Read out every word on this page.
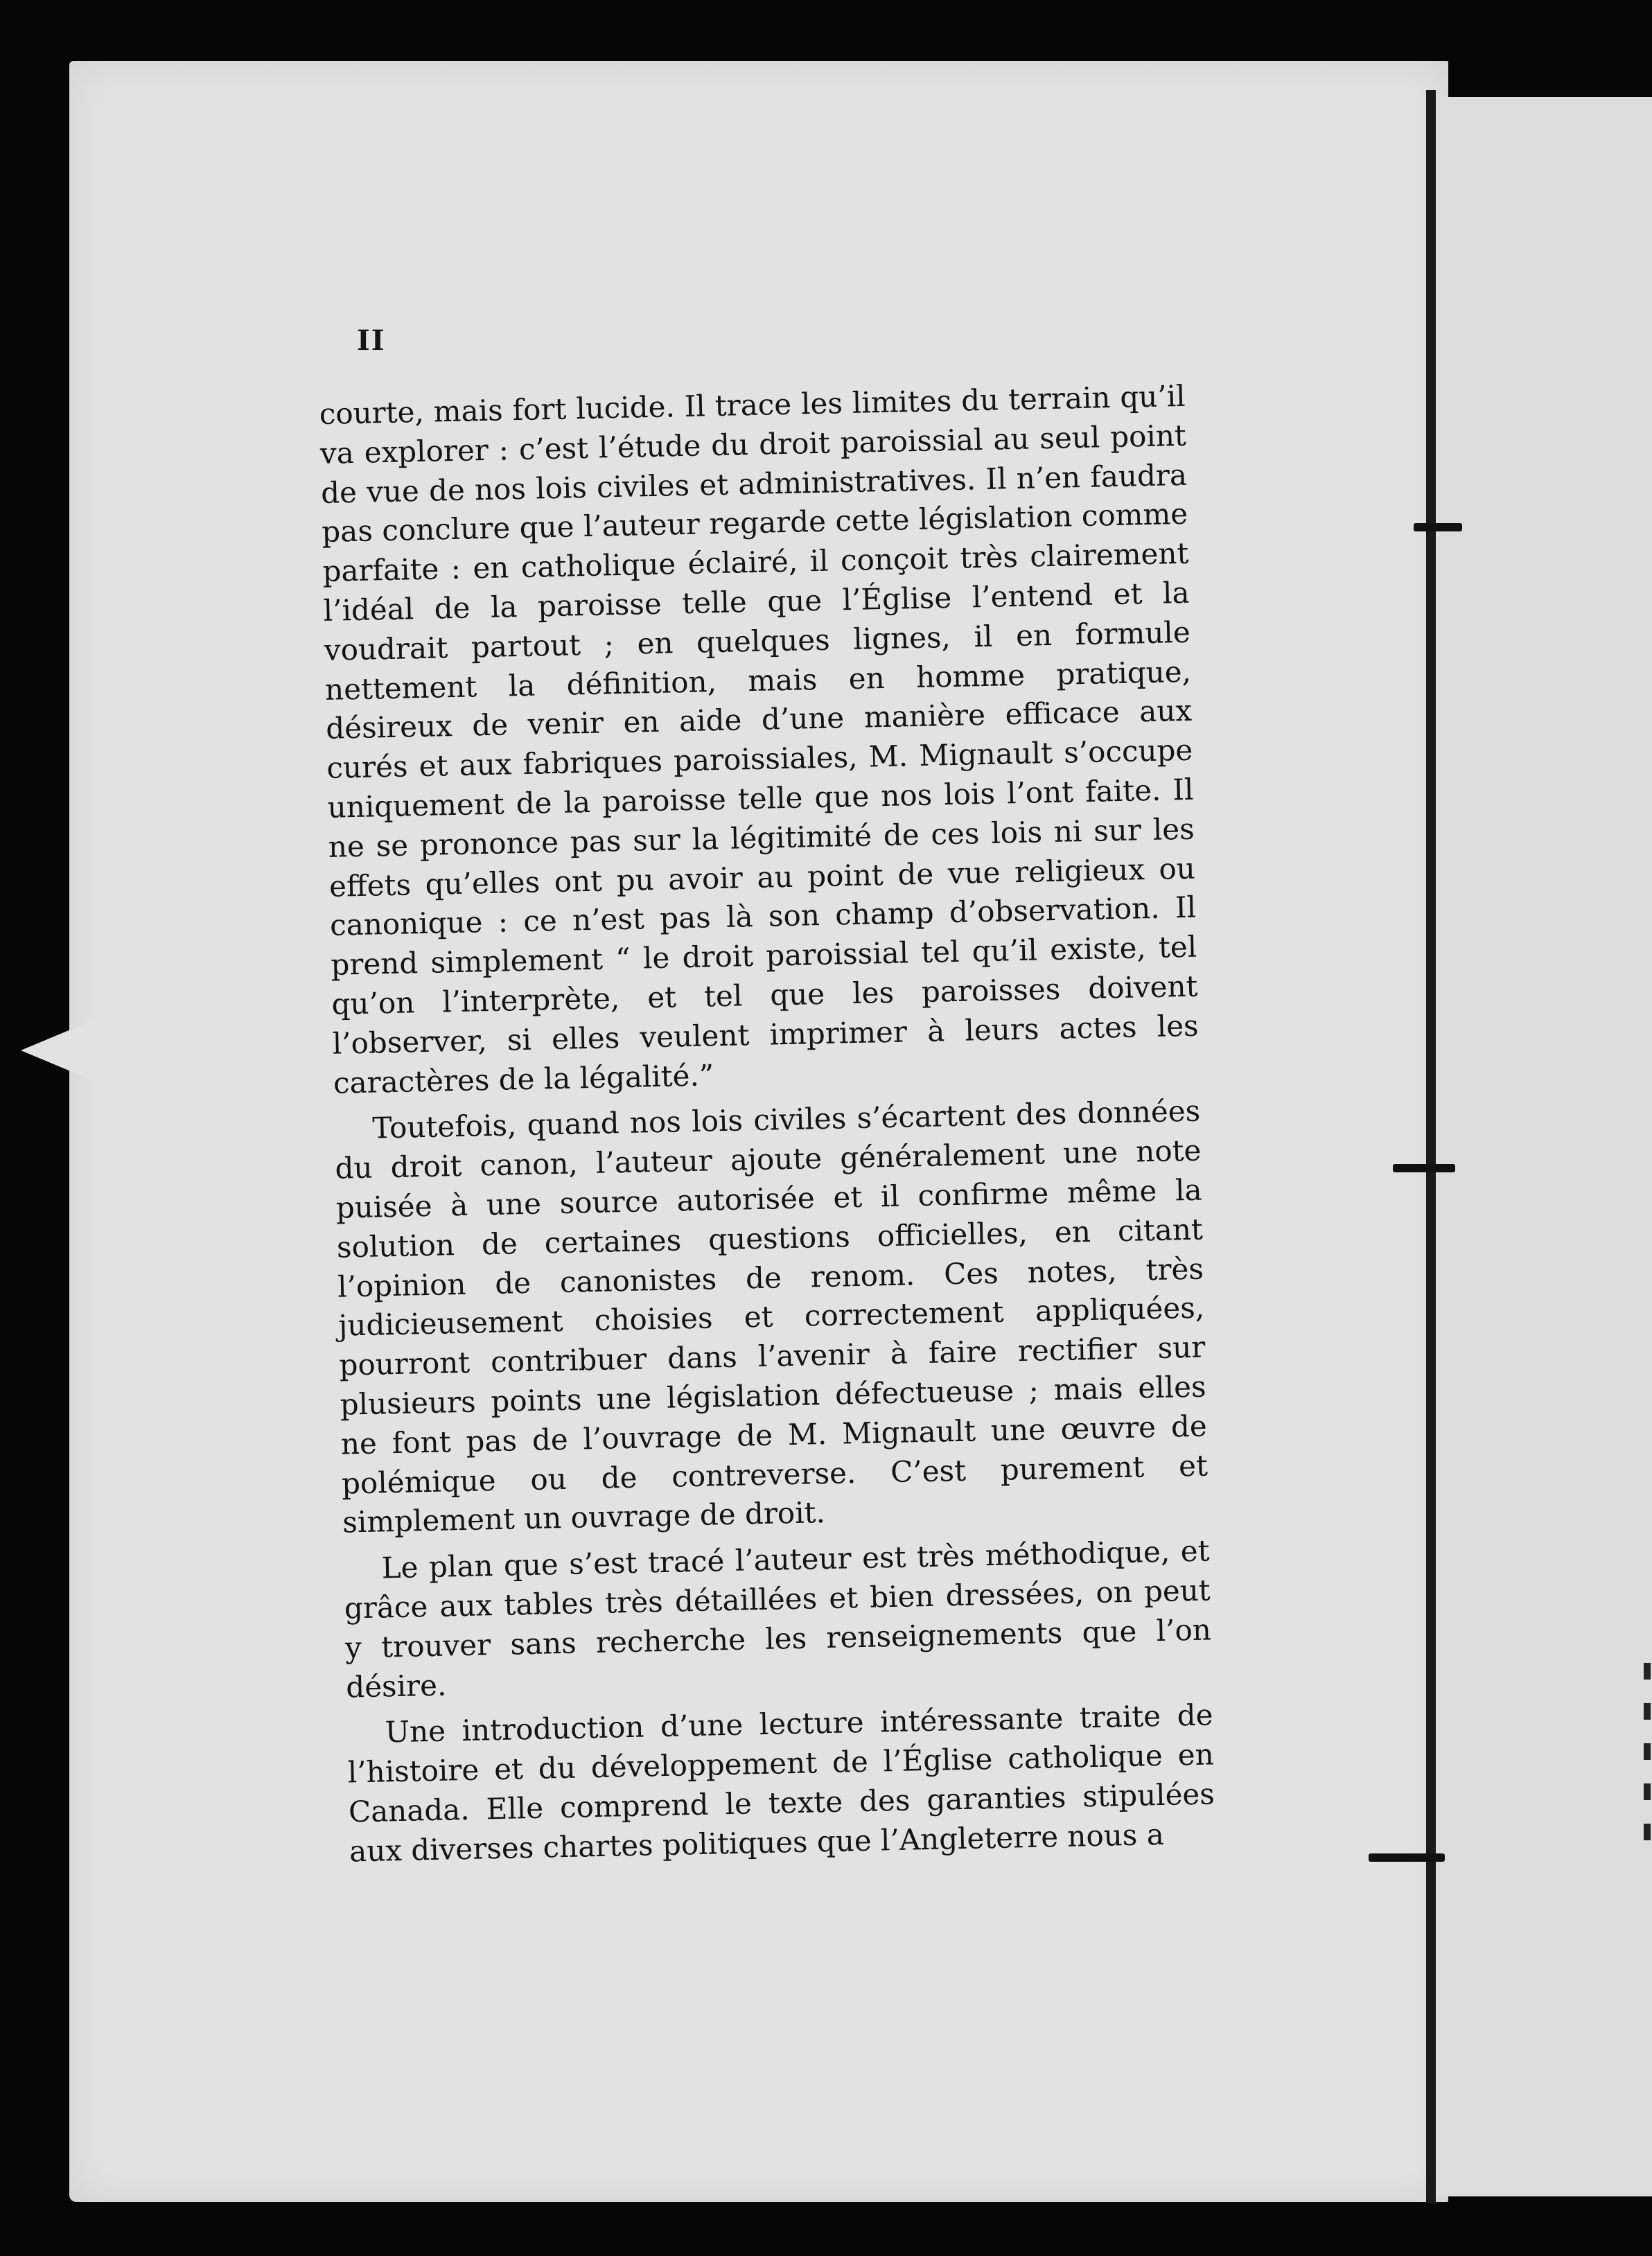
II

courte, mais fort lucide. Il trace les limites du terrain qu’il va explorer : c’est l’étude du droit paroissial au seul point de vue de nos lois civiles et administratives. Il n’en faudra pas conclure que l’auteur regarde cette législation comme parfaite : en catholique éclairé, il conçoit très clairement l’idéal de la paroisse telle que l’Église l’entend et la voudrait partout ; en quelques lignes, il en formule nettement la définition, mais en homme pratique, désireux de venir en aide d’une manière efficace aux curés et aux fabriques paroissiales, M. Mignault s’occupe uniquement de la paroisse telle que nos lois l’ont faite. Il ne se prononce pas sur la légitimité de ces lois ni sur les effets qu’elles ont pu avoir au point de vue religieux ou canonique : ce n’est pas là son champ d’observation. Il prend simplement “ le droit paroissial tel qu’il existe, tel qu’on l’interprète, et tel que les paroisses doivent l’observer, si elles veulent imprimer à leurs actes les caractères de la légalité.”

Toutefois, quand nos lois civiles s’écartent des données du droit canon, l’auteur ajoute généralement une note puisée à une source autorisée et il confirme même la solution de certaines questions officielles, en citant l’opinion de canonistes de renom. Ces notes, très judicieusement choisies et correctement appliquées, pourront contribuer dans l’avenir à faire rectifier sur plusieurs points une législation défectueuse ; mais elles ne font pas de l’ouvrage de M. Mignault une œuvre de polémique ou de contreverse. C’est purement et simplement un ouvrage de droit.

Le plan que s’est tracé l’auteur est très méthodique, et grâce aux tables très détaillées et bien dressées, on peut y trouver sans recherche les renseignements que l’on désire.

Une introduction d’une lecture intéressante traite de l’histoire et du développement de l’Église catholique en Canada. Elle comprend le texte des garanties stipulées aux diverses chartes politiques que l’Angleterre nous a
